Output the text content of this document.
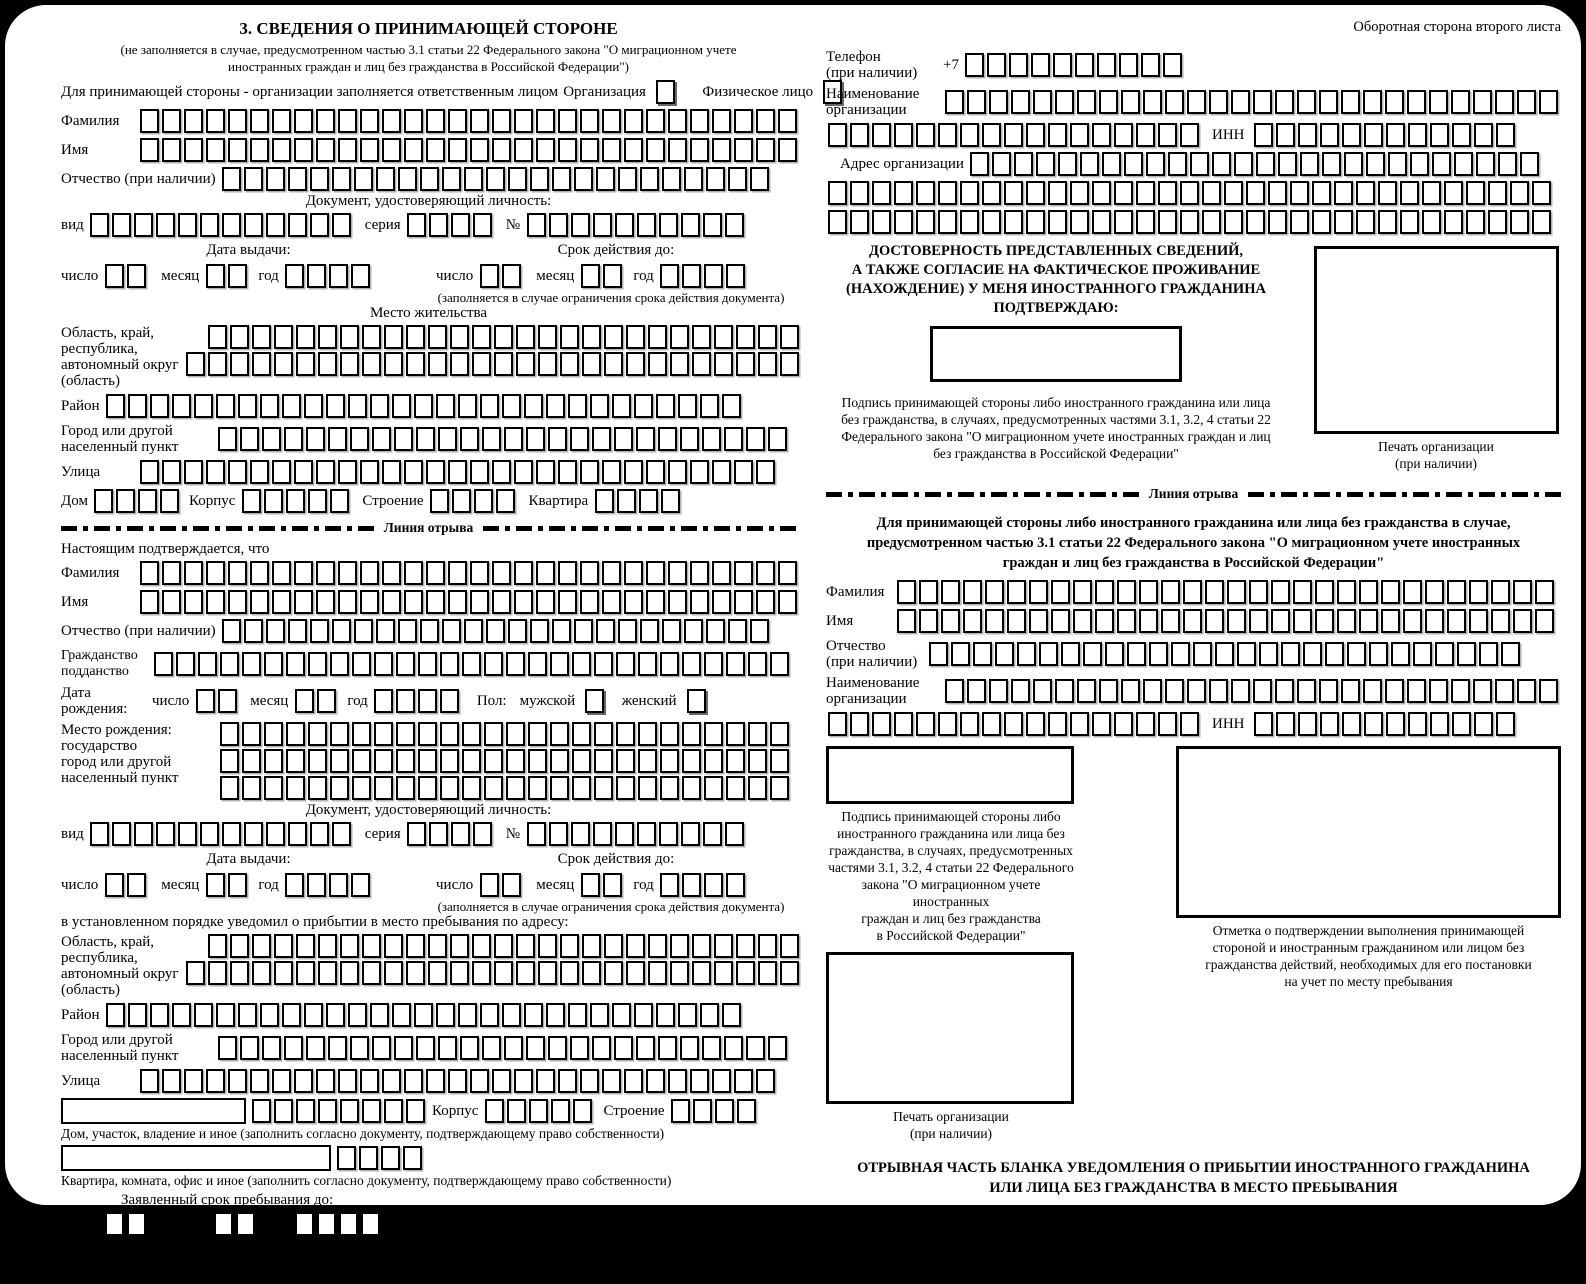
3. СВЕДЕНИЯ О ПРИНИМАЮЩЕЙ СТОРОНЕ
(не заполняется в случае, предусмотренном частью 3.1 статьи 22 Федерального закона "О миграционном учете иностранных граждан и лиц без гражданства в Российской Федерации")
Для принимающей стороны - организации заполняется ответственным лицом Организация	Физическое лицо
Фамилия
Имя
Отчество (при наличии)
Документ, удостоверяющий личность:
вид	серия	№
Дата выдачи:	Срок действия до:
число	месяц	год	число	месяц	год
(заполняется в случае ограничения срока действия документа)
Место жительства
Область, край,
республика,
автономный округ
(область)
Район
Город или другой
населенный пункт
Улица
Дом	Корпус	Строение	Квартира
Линия отрыва
Настоящим подтверждается, что
Фамилия
Имя
Отчество (при наличии)
Гражданство
подданство
Дата
рождения:	число	месяц	год	Пол: мужской	женский
Место рождения:
государство
город или другой
населенный пункт
Документ, удостоверяющий личность:
вид	серия	№
Дата выдачи:	Срок действия до:
число	месяц	год	число	месяц	год
(заполняется в случае ограничения срока действия документа)
в установленном порядке уведомил о прибытии в место пребывания по адресу:
Область, край,
республика,
автономный округ
(область)
Район
Город или другой
населенный пункт
Улица
Корпус	Строение
Дом, участок, владение и иное (заполнить согласно документу, подтверждающему право собственности)
Квартира, комната, офис и иное (заполнить согласно документу, подтверждающему право собственности)
Заявленный срок пребывания до:
число	месяц	год
ОТРЫВНАЯ ЧАСТЬ БЛАНКА УВЕДОМЛЕНИЯ О ПРИБЫТИИ ИНОСТРАННОГО ГРАЖДАНИНА
ИЛИ ЛИЦА БЕЗ ГРАЖДАНСТВА В МЕСТО ПРЕБЫВАНИЯ
Оборотная сторона второго листа
Телефон
(при наличии)	+7
Наименование
организации
ИНН
Адрес организации
ДОСТОВЕРНОСТЬ ПРЕДСТАВЛЕННЫХ СВЕДЕНИЙ,
А ТАКЖЕ СОГЛАСИЕ НА ФАКТИЧЕСКОЕ ПРОЖИВАНИЕ
(НАХОЖДЕНИЕ) У МЕНЯ ИНОСТРАННОГО ГРАЖДАНИНА
ПОДТВЕРЖДАЮ:
Подпись принимающей стороны либо иностранного гражданина или лица
без гражданства, в случаях, предусмотренных частями 3.1, 3.2, 4 статьи 22
Федерального закона "О миграционном учете иностранных граждан и лиц
без гражданства в Российской Федерации"	Печать организации
(при наличии)
Линия отрыва
Для принимающей стороны либо иностранного гражданина или лица без гражданства в случае,
предусмотренном частью 3.1 статьи 22 Федерального закона "О миграционном учете иностранных
граждан и лиц без гражданства в Российской Федерации"
Фамилия
Имя
Отчество
(при наличии)
Наименование
организации
ИНН
Подпись принимающей стороны либо
иностранного гражданина или лица без
гражданства, в случаях, предусмотренных
частями 3.1, 3.2, 4 статьи 22 Федерального
закона "О миграционном учете иностранных
граждан и лиц без гражданства
в Российской Федерации"
Печать организации
(при наличии)
Отметка о подтверждении выполнения принимающей
стороной и иностранным гражданином или лицом без
гражданства действий, необходимых для его постановки
на учет по месту пребывания
ОТРЫВНАЯ ЧАСТЬ БЛАНКА УВЕДОМЛЕНИЯ О ПРИБЫТИИ ИНОСТРАННОГО ГРАЖДАНИНА
ИЛИ ЛИЦА БЕЗ ГРАЖДАНСТВА В МЕСТО ПРЕБЫВАНИЯ
